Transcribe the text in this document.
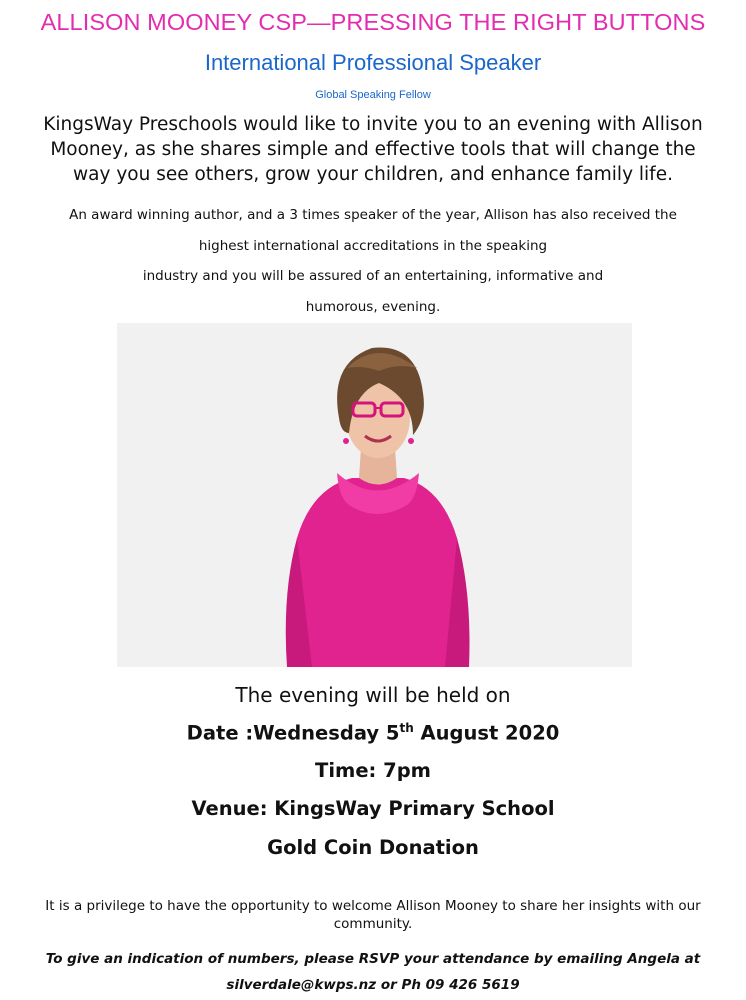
ALLISON MOONEY CSP—PRESSING THE RIGHT BUTTONS
International Professional Speaker
Global Speaking Fellow
KingsWay Preschools would like to invite you to an evening with Allison Mooney, as she shares simple and effective tools that will change the way you see others, grow your children, and enhance family life.
An award winning author, and a 3 times speaker of the year, Allison has also received the
highest international accreditations in the speaking
industry and you will be assured of an entertaining, informative and
humorous, evening.
The evening will be held on
Date :Wednesday 5th August 2020
Time: 7pm
Venue: KingsWay Primary School
Gold Coin Donation
It is a privilege to have the opportunity to welcome Allison Mooney to share her insights with our community.
To give an indication of numbers, please RSVP your attendance by emailing Angela at
silverdale@kwps.nz or Ph 09 426 5619
